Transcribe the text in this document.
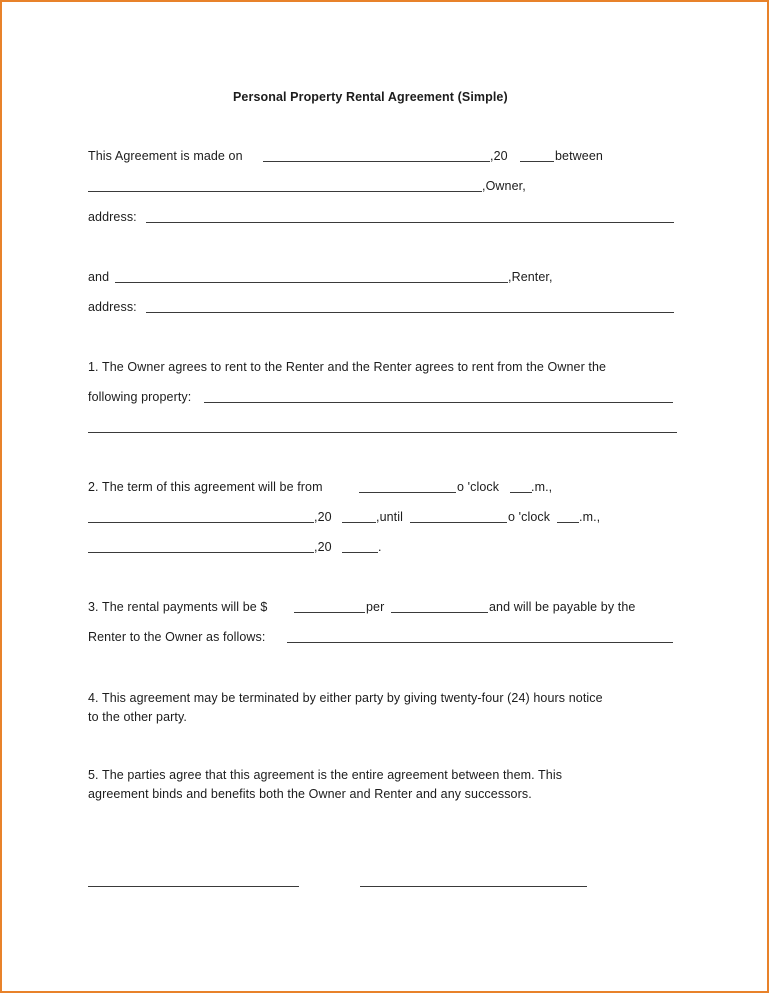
Personal Property Rental Agreement (Simple)
This Agreement is made on	,20	between
,Owner,
address:
and	,Renter,
address:
1. The Owner agrees to rent to the Renter and the Renter agrees to rent from the Owner the
following property:
2. The term of this agreement will be from	o 'clock	.m.,
,20	,until	o 'clock .m.,
,20	.
3. The rental payments will be $	per	and will be payable by the
Renter to the Owner as follows:
4. This agreement may be terminated by either party by giving twenty-four (24) hours notice
to the other party.
5. The parties agree that this agreement is the entire agreement between them. This
agreement binds and benefits both the Owner and Renter and any successors.
